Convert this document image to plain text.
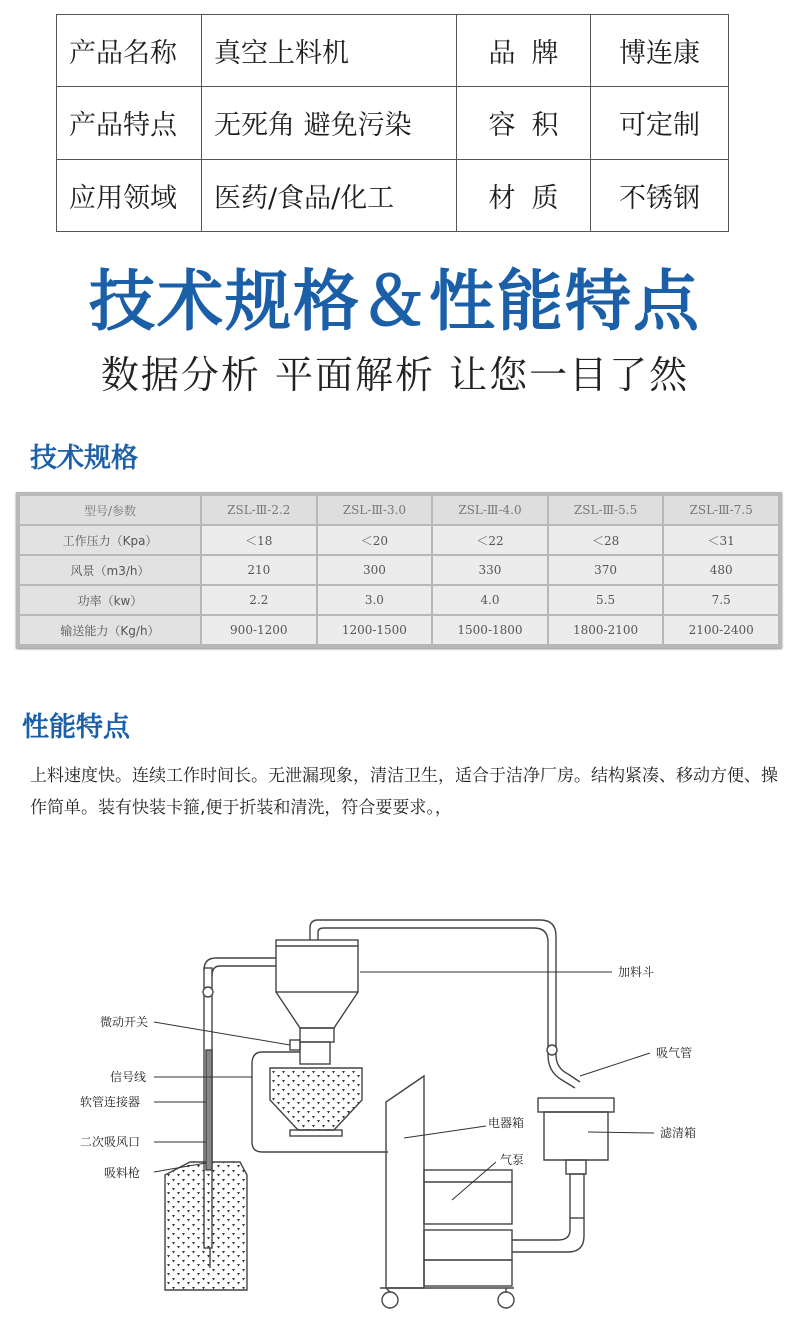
产品名称	真空上料机	品牌	博连康
产品特点	无死角 避免污染	容积	可定制
应用领域	医药/食品/化工	材质	不锈钢
技术规格＆性能特点
数据分析 平面解析 让您一目了然
技术规格
型号/参数	ZSL-Ⅲ-2.2	ZSL-Ⅲ-3.0	ZSL-Ⅲ-4.0	ZSL-Ⅲ-5.5	ZSL-Ⅲ-7.5
工作压力（Kpa）	＜18	＜20	＜22	＜28	＜31
风景（m3/h）	210	300	330	370	480
功率（kw）	2.2	3.0	4.0	5.5	7.5
输送能力（Kg/h）	900-1200	1200-1500	1500-1800	1800-2100	2100-2400
性能特点
上料速度快。连续工作时间长。无泄漏现象，清洁卫生，适合于洁净厂房。结构紧凑、移动方便、操作简单。装有快装卡箍,便于折装和清洗，符合要要求。，
加料斗
微动开关
信号线
软管连接器
二次吸风口
吸料枪
吸气管
电器箱
气泵
滤清箱
